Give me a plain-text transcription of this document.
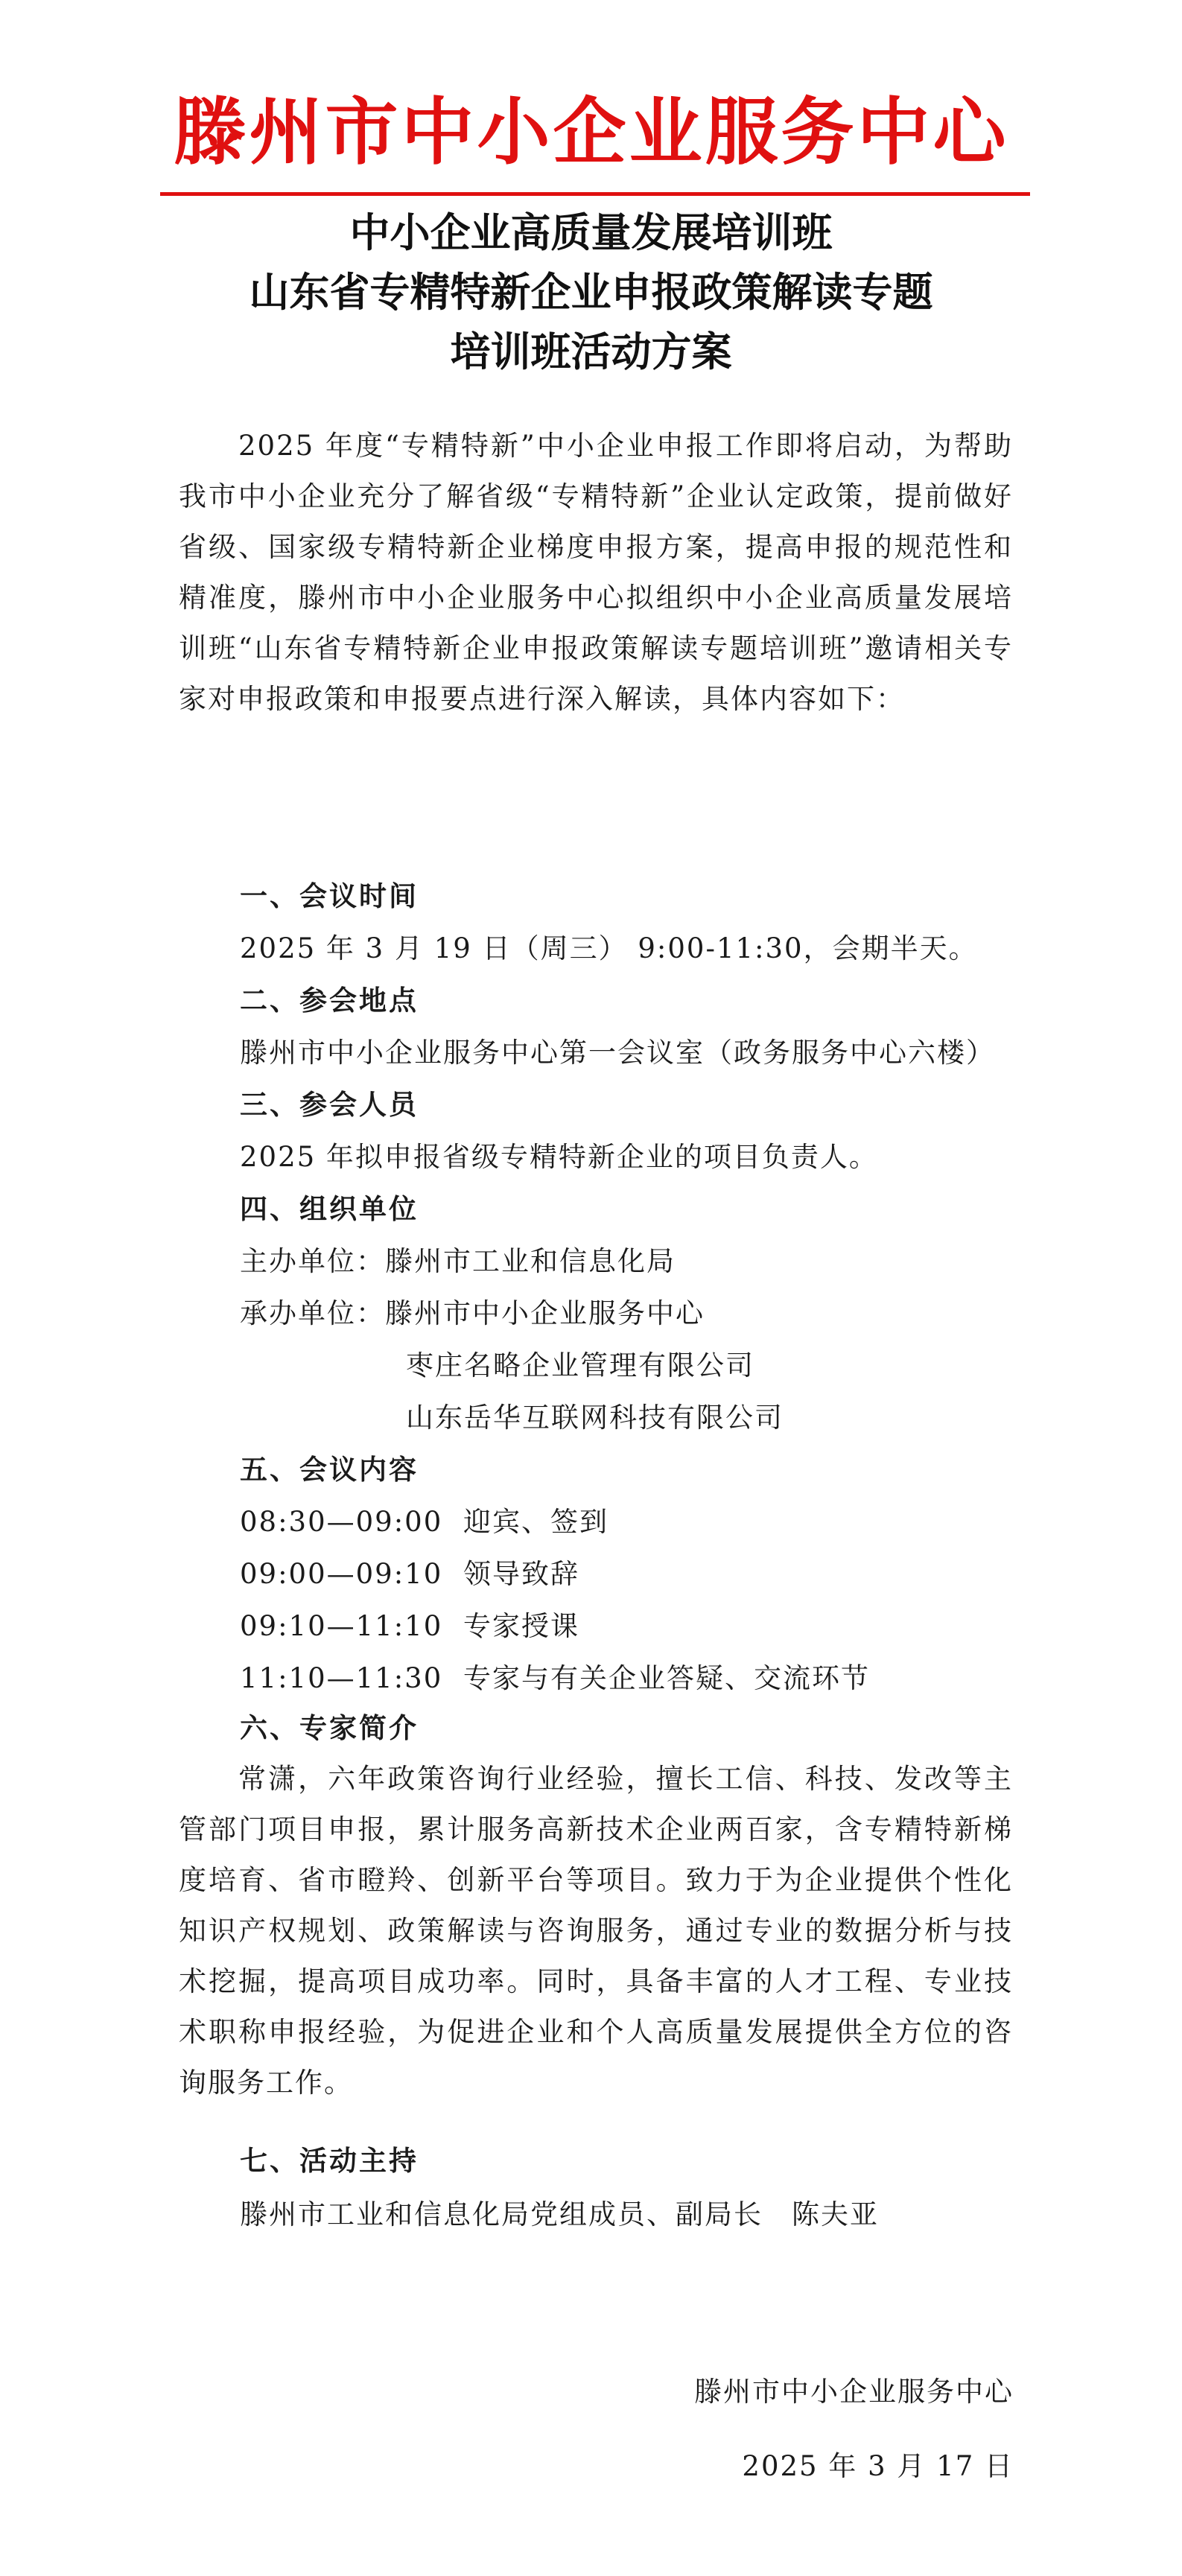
滕州市中小企业服务中心
中小企业高质量发展培训班
山东省专精特新企业申报政策解读专题
培训班活动方案
2025 年度“专精特新”中小企业申报工作即将启动，为帮助我市中小企业充分了解省级“专精特新”企业认定政策，提前做好省级、国家级专精特新企业梯度申报方案，提高申报的规范性和精准度，滕州市中小企业服务中心拟组织中小企业高质量发展培训班“山东省专精特新企业申报政策解读专题培训班”邀请相关专家对申报政策和申报要点进行深入解读，具体内容如下：
一、会议时间
2025 年 3 月 19 日（周三） 9:00-11:30，会期半天。
二、参会地点
滕州市中小企业服务中心第一会议室（政务服务中心六楼）
三、参会人员
2025 年拟申报省级专精特新企业的项目负责人。
四、组织单位
主办单位：滕州市工业和信息化局
承办单位：滕州市中小企业服务中心
枣庄名略企业管理有限公司
山东岳华互联网科技有限公司
五、会议内容
08:30—09:00 迎宾、签到
09:00—09:10 领导致辞
09:10—11:10 专家授课
11:10—11:30 专家与有关企业答疑、交流环节
六、专家简介
常潇，六年政策咨询行业经验，擅长工信、科技、发改等主管部门项目申报，累计服务高新技术企业两百家，含专精特新梯度培育、省市瞪羚、创新平台等项目。致力于为企业提供个性化知识产权规划、政策解读与咨询服务，通过专业的数据分析与技术挖掘，提高项目成功率。同时，具备丰富的人才工程、专业技术职称申报经验，为促进企业和个人高质量发展提供全方位的咨询服务工作。
七、活动主持
滕州市工业和信息化局党组成员、副局长　陈夫亚
滕州市中小企业服务中心
2025 年 3 月 17 日
